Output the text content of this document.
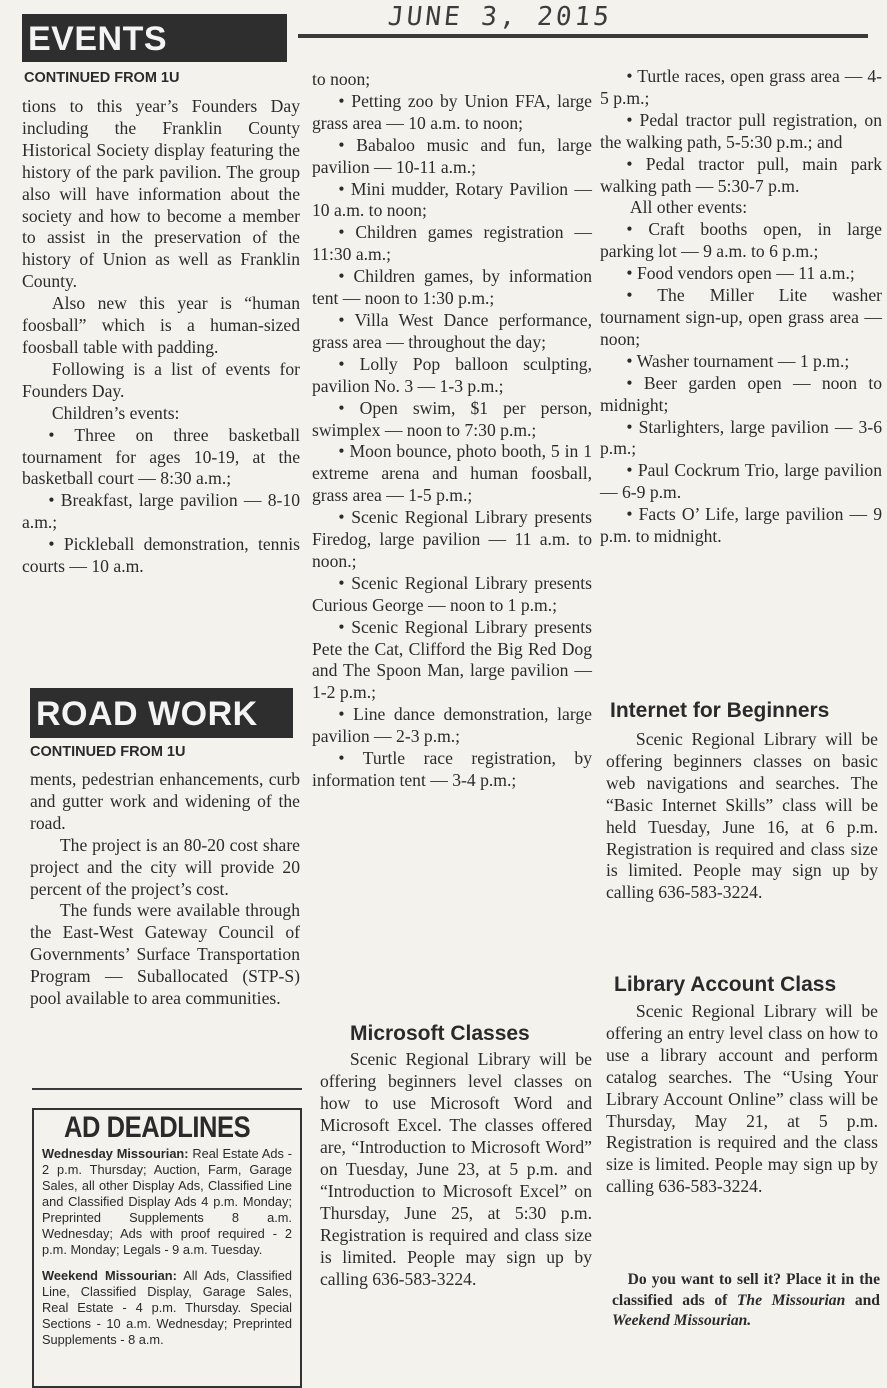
JUNE 3, 2015
EVENTS
CONTINUED FROM 1U

tions to this year’s Founders Day including the Franklin County Historical Society display featuring the history of the park pavilion. The group also will have information about the society and how to become a member to assist in the preservation of the history of Union as well as Franklin County.

Also new this year is “human foosball” which is a human-sized foosball table with padding.

Following is a list of events for Founders Day.

Children’s events:

• Three on three basketball tournament for ages 10-19, at the basketball court — 8:30 a.m.;

• Breakfast, large pavilion — 8-10 a.m.;

• Pickleball demonstration, tennis courts — 10 a.m.

ROAD WORK
CONTINUED FROM 1U

ments, pedestrian enhancements, curb and gutter work and widening of the road.

The project is an 80-20 cost share project and the city will provide 20 percent of the project’s cost.

The funds were available through the East-West Gateway Council of Governments’ Surface Transportation Program — Suballocated (STP-S) pool available to area communities.

AD DEADLINES

Wednesday Missourian: Real Estate Ads - 2 p.m. Thursday; Auction, Farm, Garage Sales, all other Display Ads, Classified Line and Classified Display Ads 4 p.m. Monday; Preprinted Supplements 8 a.m. Wednesday; Ads with proof required - 2 p.m. Monday; Legals - 9 a.m. Tuesday.

Weekend Missourian: All Ads, Classified Line, Classified Display, Garage Sales, Real Estate - 4 p.m. Thursday. Special Sections - 10 a.m. Wednesday; Preprinted Supplements - 8 a.m.

to noon;

• Petting zoo by Union FFA, large grass area — 10 a.m. to noon;

• Babaloo music and fun, large pavilion — 10-11 a.m.;

• Mini mudder, Rotary Pavilion — 10 a.m. to noon;

• Children games registration — 11:30 a.m.;

• Children games, by information tent — noon to 1:30 p.m.;

• Villa West Dance performance, grass area — throughout the day;

• Lolly Pop balloon sculpting, pavilion No. 3 — 1-3 p.m.;

• Open swim, $1 per person, swimplex — noon to 7:30 p.m.;

• Moon bounce, photo booth, 5 in 1 extreme arena and human foosball, grass area — 1-5 p.m.;

• Scenic Regional Library presents Firedog, large pavilion — 11 a.m. to noon.;

• Scenic Regional Library presents Curious George — noon to 1 p.m.;

• Scenic Regional Library presents Pete the Cat, Clifford the Big Red Dog and The Spoon Man, large pavilion — 1-2 p.m.;

• Line dance demonstration, large pavilion — 2-3 p.m.;

• Turtle race registration, by information tent — 3-4 p.m.;

Microsoft Classes

Scenic Regional Library will be offering beginners level classes on how to use Microsoft Word and Microsoft Excel. The classes offered are, “Introduction to Microsoft Word” on Tuesday, June 23, at 5 p.m. and “Introduction to Microsoft Excel” on Thursday, June 25, at 5:30 p.m. Registration is required and class size is limited. People may sign up by calling 636-583-3224.

• Turtle races, open grass area — 4-5 p.m.;

• Pedal tractor pull registration, on the walking path, 5-5:30 p.m.; and

• Pedal tractor pull, main park walking path — 5:30-7 p.m.

All other events:

• Craft booths open, in large parking lot — 9 a.m. to 6 p.m.;

• Food vendors open — 11 a.m.;

• The Miller Lite washer tournament sign-up, open grass area — noon;

• Washer tournament — 1 p.m.;

• Beer garden open — noon to midnight;

• Starlighters, large pavilion — 3-6 p.m.;

• Paul Cockrum Trio, large pavilion — 6-9 p.m.

• Facts O’ Life, large pavilion — 9 p.m. to midnight.

Internet for Beginners

Scenic Regional Library will be offering beginners classes on basic web navigations and searches. The “Basic Internet Skills” class will be held Tuesday, June 16, at 6 p.m. Registration is required and class size is limited. People may sign up by calling 636-583-3224.

Library Account Class

Scenic Regional Library will be offering an entry level class on how to use a library account and perform catalog searches. The “Using Your Library Account Online” class will be Thursday, May 21, at 5 p.m. Registration is required and the class size is limited. People may sign up by calling 636-583-3224.

Do you want to sell it? Place it in the classified ads of The Missourian and Weekend Missourian.
